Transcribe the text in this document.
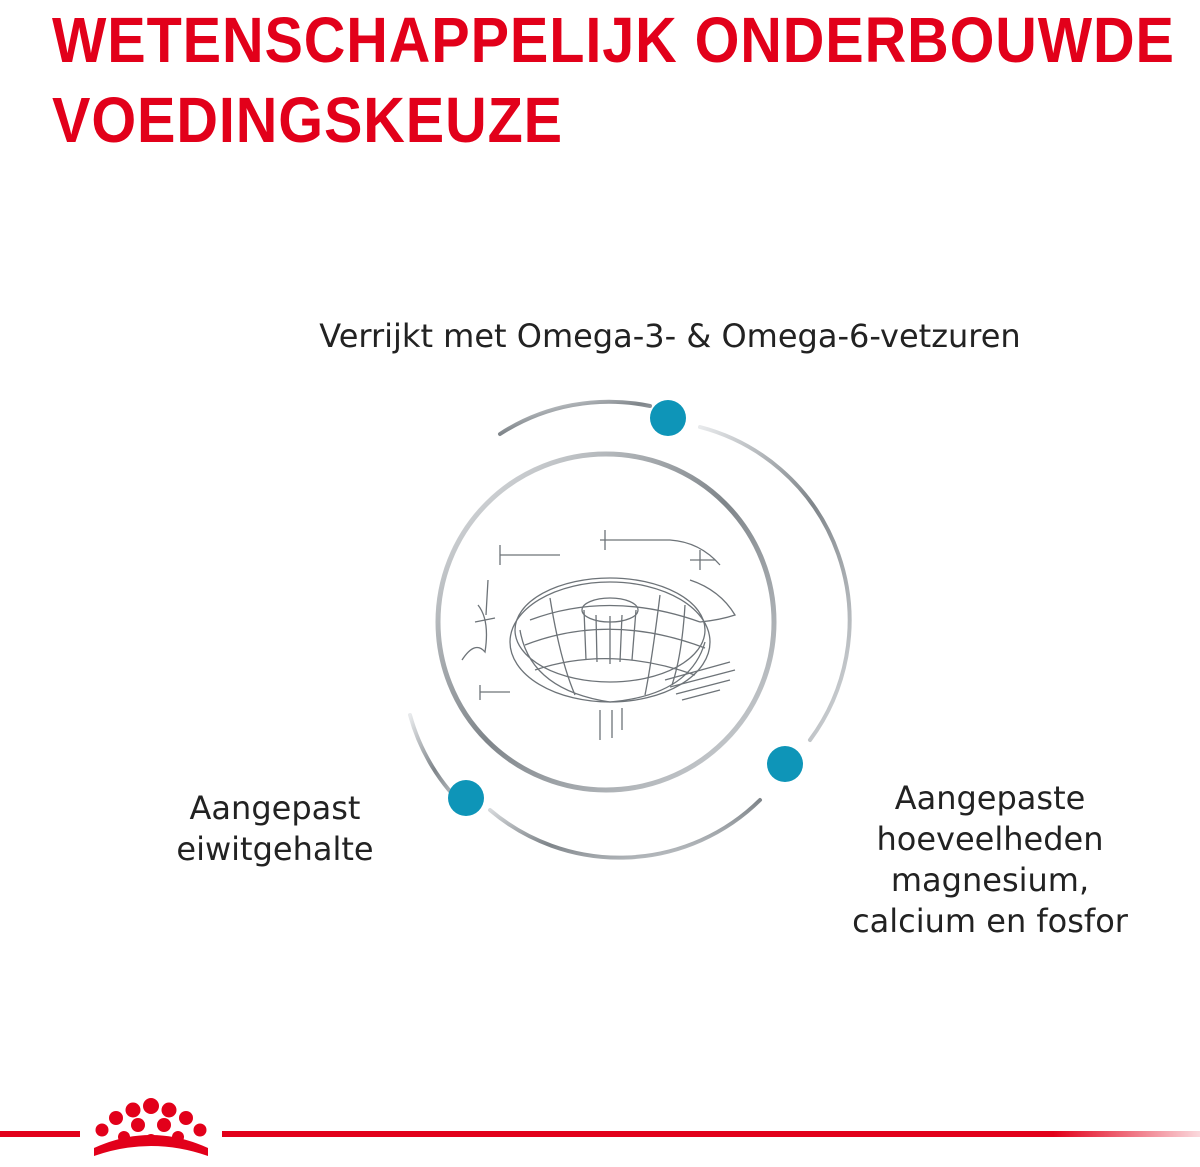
WETENSCHAPPELIJK ONDERBOUWDE
VOEDINGSKEUZE

Verrijkt met Omega-3- & Omega-6-vetzuren

Aangepast
eiwitgehalte

Aangepaste
hoeveelheden
magnesium,
calcium en fosfor
